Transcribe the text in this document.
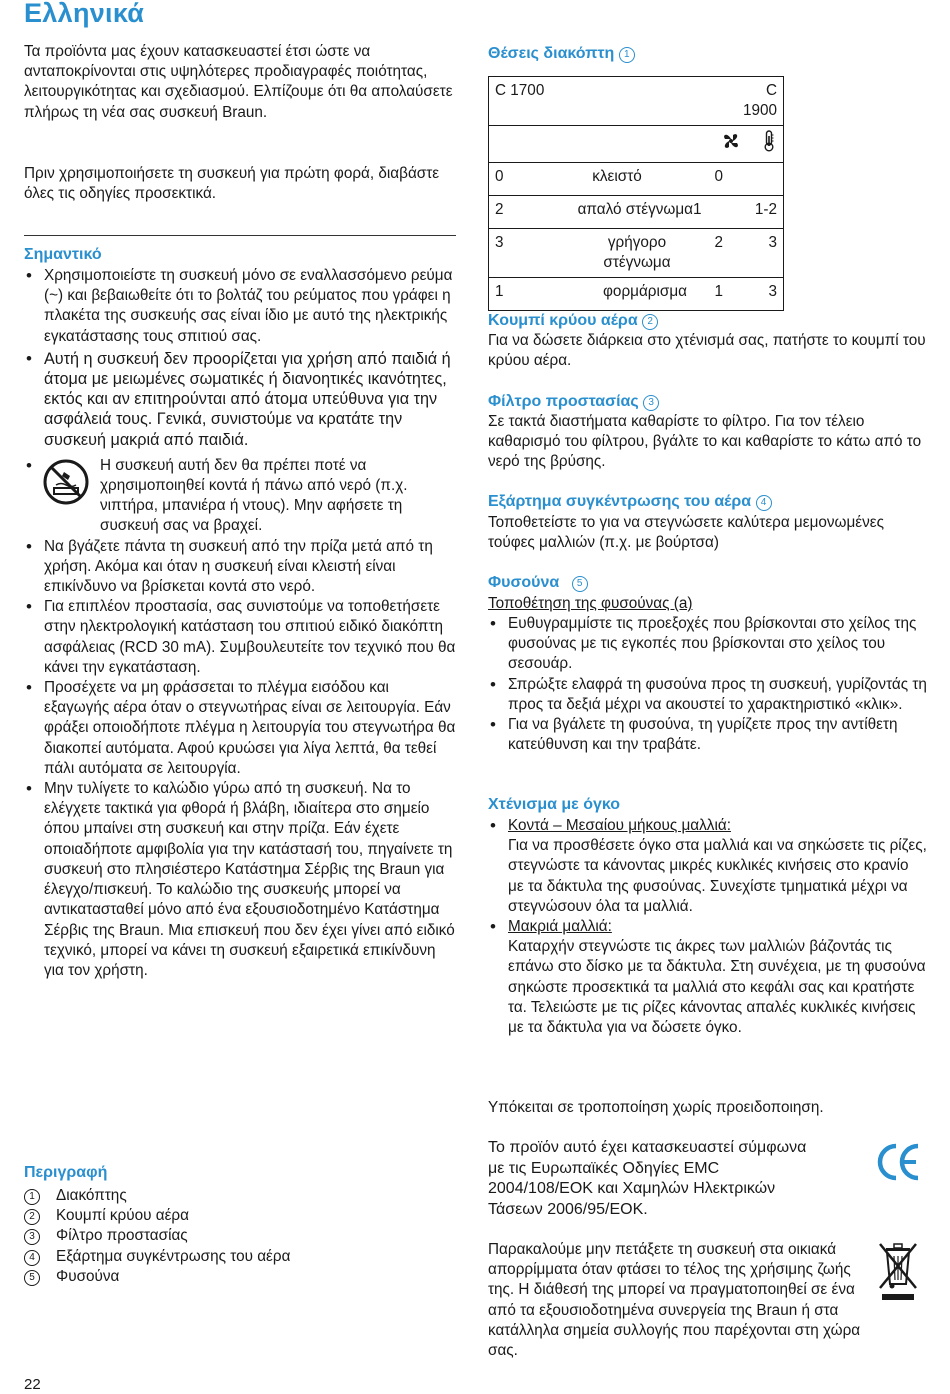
Ελληνικά

Τα προϊόντα μας έχουν κατασκευαστεί έτσι ώστε να ανταποκρίνονται στις υψηλότερες προδιαγραφές ποιότητας, λειτουργικότητας και σχεδιασμού. Ελπίζουμε ότι θα απολαύσετε πλήρως τη νέα σας συσκευή Braun.

Πριν χρησιμοποιήσετε τη συσκευή για πρώτη φορά, διαβάστε όλες τις οδηγίες προσεκτικά.

Σημαντικό
• Χρησιμοποιείστε τη συσκευή μόνο σε εναλλασσόμενο ρεύμα (~) και βεβαιωθείτε ότι το βολτάζ του ρεύματος που γράφει η πλακέτα της συσκευής σας είναι ίδιο με αυτό της ηλεκτρικής εγκατάστασης τους σπιτιού σας.
• Αυτή η συσκευή δεν προορίζεται για χρήση από παιδιά ή άτομα με μειωμένες σωματικές ή διανοητικές ικανότητες, εκτός και αν επιτηρούνται από άτομα υπεύθυνα για την ασφάλειά τους. Γενικά, συνιστούμε να κρατάτε την συσκευή μακριά από παιδιά.
• Η συσκευή αυτή δεν θα πρέπει ποτέ να χρησιμοποιηθεί κοντά ή πάνω από νερό (π.χ. νιπτήρα, μπανιέρα ή ντους). Μην αφήσετε τη συσκευή σας να βραχεί.
• Να βγάζετε πάντα τη συσκευή από την πρίζα μετά από τη χρήση. Ακόμα και όταν η συσκευή είναι κλειστή είναι επικίνδυνο να βρίσκεται κοντά στο νερό.
• Για επιπλέον προστασία, σας συνιστούμε να τοποθετήσετε στην ηλεκτρολογική κατάσταση του σπιτιού ειδικό διακόπτη ασφάλειας (RCD 30 mA). Συμβουλευτείτε τον τεχνικό που θα κάνει την εγκατάσταση.
• Προσέχετε να μη φράσσεται το πλέγμα εισόδου και εξαγωγής αέρα όταν ο στεγνωτήρας είναι σε λειτουργία. Εάν φράξει οποιοδήποτε πλέγμα η λειτουργία του στεγνωτήρα θα διακοπεί αυτόματα. Αφού κρυώσει για λίγα λεπτά, θα τεθεί πάλι αυτόματα σε λειτουργία.
• Μην τυλίγετε το καλώδιο γύρω από τη συσκευή. Να το ελέγχετε τακτικά για φθορά ή βλάβη, ιδιαίτερα στο σημείο όπου μπαίνει στη συσκευή και στην πρίζα. Εάν έχετε οποιαδήποτε αμφιβολία για την κατάστασή του, πηγαίνετε τη συσκευή στο πλησιέστερο Κατάστημα Σέρβις της Braun για έλεγχο/πισκευή. Το καλώδιο της συσκευής μπορεί να αντικατασταθεί μόνο από ένα εξουσιοδοτημένο Κατάστημα Σέρβις της Braun. Μια επισκευή που δεν έχει γίνει από ειδικό τεχνικό, μπορεί να κάνει τη συσκευή εξαιρετικά επικίνδυνη για τον χρήστη.
Περιγραφή
1 Διακόπτης
2 Κουμπί κρύου αέρα
3 Φίλτρο προστασίας
4 Εξάρτημα συγκέντρωσης του αέρα
5 Φυσούνα
Θέσεις διακόπτη 1
C 1700			C 1900

0	κλειστό	0	
2	απαλό στέγνωμα	1	1-2
3	γρήγορο στέγνωμα	2	3
1	φορμάρισμα	1	3
Κουμπί κρύου αέρα 2

Για να δώσετε διάρκεια στο χτένισμά σας, πατήστε το κουμπί του κρύου αέρα.

Φίλτρο προστασίας 3

Σε τακτά διαστήματα καθαρίστε το φίλτρο. Για τον τέλειο καθαρισμό του φίλτρου, βγάλτε το και καθαρίστε το κάτω από το νερό της βρύσης.

Εξάρτημα συγκέντρωσης του αέρα 4

Τοποθετείστε το για να στεγνώσετε καλύτερα μεμονωμένες τούφες μαλλιών (π.χ. με βούρτσα)

Φυσούνα 5

Τοποθέτηση της φυσούνας (a)

• Ευθυγραμμίστε τις προεξοχές που βρίσκονται στο χείλος της φυσούνας με τις εγκοπές που βρίσκονται στο χείλος του σεσουάρ.
• Σπρώξτε ελαφρά τη φυσούνα προς τη συσκευή, γυρίζοντάς τη προς τα δεξιά μέχρι να ακουστεί το χαρακτηριστικό «κλικ».
• Για να βγάλετε τη φυσούνα, τη γυρίζετε προς την αντίθετη κατεύθυνση και την τραβάτε.
Χτένισμα με όγκο
• Κοντά – Μεσαίου μήκους μαλλιά:
Για να προσθέσετε όγκο στα μαλλιά και να σηκώσετε τις ρίζες, στεγνώστε τα κάνοντας μικρές κυκλικές κινήσεις στο κρανίο με τα δάκτυλα της φυσούνας. Συνεχίστε τμηματικά μέχρι να στεγνώσουν όλα τα μαλλιά.
• Μακριά μαλλιά:
Καταρχήν στεγνώστε τις άκρες των μαλλιών βάζοντάς τις επάνω στο δίσκο με τα δάκτυλα. Στη συνέχεια, με τη φυσούνα σηκώστε προσεκτικά τα μαλλιά στο κεφάλι σας και κρατήστε τα. Τελειώστε με τις ρίζες κάνοντας απαλές κυκλικές κινήσεις με τα δάκτυλα για να δώσετε όγκο.

Υπόκειται σε τροποποίηση χωρίς προειδοποιηση.

Το προϊόν αυτό έχει κατασκευαστεί σύμφωνα με τις Ευρωπαϊκές Οδηγίες EMC 2004/108/EOK και Χαμηλών Ηλεκτρικών Τάσεων 2006/95/EOK.

Παρακαλούμε μην πετάξετε τη συσκευή στα οικιακά απορρίμματα όταν φτάσει το τέλος της χρήσιμης ζωής της. Η διάθεσή της μπορεί να πραγματοποιηθεί σε ένα από τα εξουσιοδοτημένα συνεργεία της Braun ή στα κατάλληλα σημεία συλλογής που παρέχονται στη χώρα σας.

22
